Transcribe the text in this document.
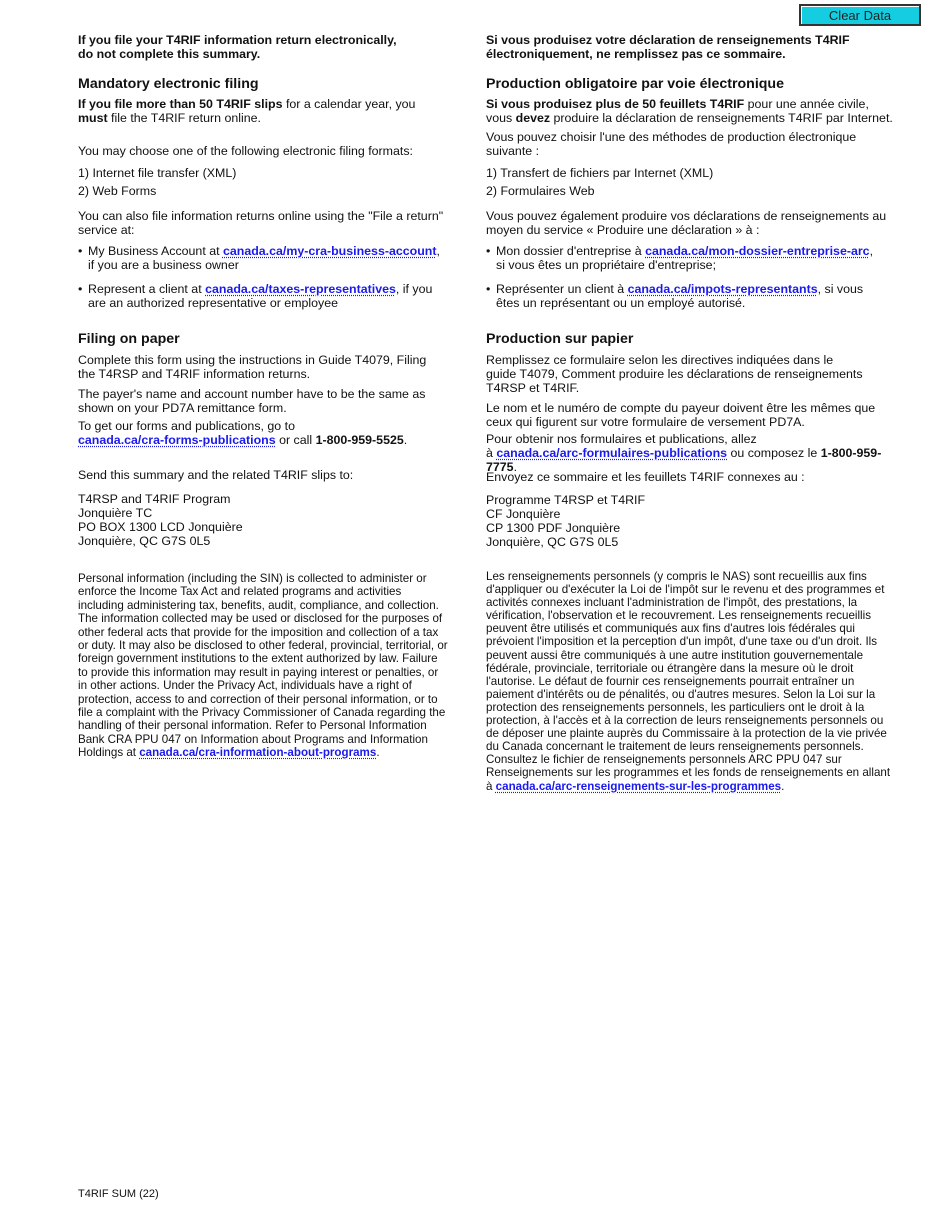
Clear Data
If you file your T4RIF information return electronically,
do not complete this summary.
Mandatory electronic filing
If you file more than 50 T4RIF slips for a calendar year, you
must file the T4RIF return online.
You may choose one of the following electronic filing formats:
1) Internet file transfer (XML)
2) Web Forms
You can also file information returns online using the "File a return"
service at:
• My Business Account at canada.ca/my-cra-business-account,
if you are a business owner
• Represent a client at canada.ca/taxes-representatives, if you
are an authorized representative or employee
Filing on paper
Complete this form using the instructions in Guide T4079, Filing
the T4RSP and T4RIF information returns.
The payer's name and account number have to be the same as
shown on your PD7A remittance form.
To get our forms and publications, go to
canada.ca/cra-forms-publications or call 1-800-959-5525.
Send this summary and the related T4RIF slips to:
T4RSP and T4RIF Program
Jonquière TC
PO BOX 1300 LCD Jonquière
Jonquière, QC G7S 0L5
Personal information (including the SIN) is collected to administer or
enforce the Income Tax Act and related programs and activities
including administering tax, benefits, audit, compliance, and collection.
The information collected may be used or disclosed for the purposes of
other federal acts that provide for the imposition and collection of a tax
or duty. It may also be disclosed to other federal, provincial, territorial, or
foreign government institutions to the extent authorized by law. Failure
to provide this information may result in paying interest or penalties, or
in other actions. Under the Privacy Act, individuals have a right of
protection, access to and correction of their personal information, or to
file a complaint with the Privacy Commissioner of Canada regarding the
handling of their personal information. Refer to Personal Information
Bank CRA PPU 047 on Information about Programs and Information
Holdings at canada.ca/cra-information-about-programs.
Si vous produisez votre déclaration de renseignements T4RIF
électroniquement, ne remplissez pas ce sommaire.
Production obligatoire par voie électronique
Si vous produisez plus de 50 feuillets T4RIF pour une année civile,
vous devez produire la déclaration de renseignements T4RIF par Internet.
Vous pouvez choisir l'une des méthodes de production électronique
suivante :
1) Transfert de fichiers par Internet (XML)
2) Formulaires Web
Vous pouvez également produire vos déclarations de renseignements au
moyen du service « Produire une déclaration » à :
• Mon dossier d'entreprise à canada.ca/mon-dossier-entreprise-arc,
si vous êtes un propriétaire d'entreprise;
• Représenter un client à canada.ca/impots-representants, si vous
êtes un représentant ou un employé autorisé.
Production sur papier
Remplissez ce formulaire selon les directives indiquées dans le
guide T4079, Comment produire les déclarations de renseignements
T4RSP et T4RIF.
Le nom et le numéro de compte du payeur doivent être les mêmes que
ceux qui figurent sur votre formulaire de versement PD7A.
Pour obtenir nos formulaires et publications, allez
à canada.ca/arc-formulaires-publications ou composez le 1-800-959-7775.
Envoyez ce sommaire et les feuillets T4RIF connexes au :
Programme T4RSP et T4RIF
CF Jonquière
CP 1300 PDF Jonquière
Jonquière, QC G7S 0L5
Les renseignements personnels (y compris le NAS) sont recueillis aux fins
d'appliquer ou d'exécuter la Loi de l'impôt sur le revenu et des programmes et
activités connexes incluant l'administration de l'impôt, des prestations, la
vérification, l'observation et le recouvrement. Les renseignements recueillis
peuvent être utilisés et communiqués aux fins d'autres lois fédérales qui
prévoient l'imposition et la perception d'un impôt, d'une taxe ou d'un droit. Ils
peuvent aussi être communiqués à une autre institution gouvernementale
fédérale, provinciale, territoriale ou étrangère dans la mesure où le droit
l'autorise. Le défaut de fournir ces renseignements pourrait entraîner un
paiement d'intérêts ou de pénalités, ou d'autres mesures. Selon la Loi sur la
protection des renseignements personnels, les particuliers ont le droit à la
protection, à l'accès et à la correction de leurs renseignements personnels ou
de déposer une plainte auprès du Commissaire à la protection de la vie privée
du Canada concernant le traitement de leurs renseignements personnels.
Consultez le fichier de renseignements personnels ARC PPU 047 sur
Renseignements sur les programmes et les fonds de renseignements en allant
à canada.ca/arc-renseignements-sur-les-programmes.
T4RIF SUM (22)
